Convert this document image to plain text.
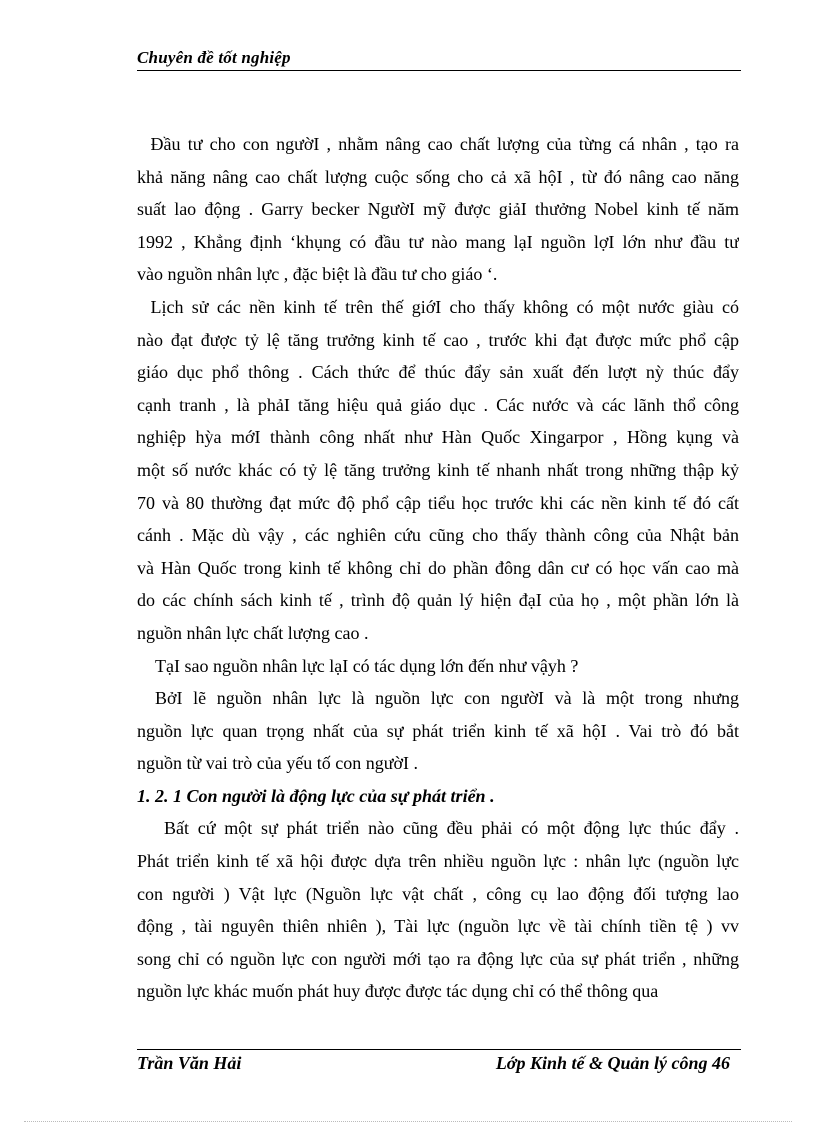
Chuyên đề tốt nghiệp
Đầu tư cho con ngườI , nhằm nâng cao chất lượng của từng cá nhân , tạo ra
khả năng nâng cao chất lượng cuộc sống cho cả xã hộI , từ đó nâng cao năng
suất lao động . Garry becker NgườI mỹ được giảI thưởng Nobel kinh tế năm
1992 , Khẳng định ‘khụng có đầu tư nào mang lạI nguồn lợI lớn như đầu tư
vào nguồn nhân lực , đặc biệt là đầu tư cho giáo ‘.
Lịch sử các nền kinh tế trên thế giớI cho thấy không có một nước giàu có
nào đạt được tỷ lệ tăng trưởng kinh tế cao , trước khi đạt được mức phổ cập
giáo dục phổ thông . Cách thức để thúc đẩy sản xuất đến lượt nỳ thúc đẩy
cạnh tranh , là phảI tăng hiệu quả giáo dục . Các nước và các lãnh thổ công
nghiệp hỳa mớI thành công nhất như Hàn Quốc Xingarpor , Hồng kụng và
một số nước khác có tỷ lệ tăng trưởng kinh tế nhanh nhất trong những thập kỷ
70 và 80 thường đạt mức độ phổ cập tiểu học trước khi các nền kinh tế đó cất
cánh . Mặc dù vậy , các nghiên cứu cũng cho thấy thành công của Nhật bản
và Hàn Quốc trong kinh tế không chỉ do phần đông dân cư có học vấn cao mà
do các chính sách kinh tế , trình độ quản lý hiện đạI của họ , một phần lớn là
nguồn nhân lực chất lượng cao .
TạI sao nguồn nhân lực lạI có tác dụng lớn đến như vậyh ?
BởI lẽ nguồn nhân lực là nguồn lực con ngườI và là một trong nhưng
nguồn lực quan trọng nhất của sự phát triển kinh tế xã hộI . Vai trò đó bắt
nguồn từ vai trò của yếu tố con ngườI .
1. 2. 1 Con người là động lực của sự phát triển .
Bất cứ một sự phát triển nào cũng đều phải có một động lực thúc đẩy .
Phát triển kinh tế xã hội được dựa trên nhiều nguồn lực : nhân lực (nguồn lực
con người ) Vật lực (Nguồn lực vật chất , công cụ lao động đối tượng lao
động , tài nguyên thiên nhiên ), Tài lực (nguồn lực về tài chính tiền tệ ) vv
song chỉ có nguồn lực con người mới tạo ra động lực của sự phát triển , những
nguồn lực khác muốn phát huy được được tác dụng chỉ có thể thông qua
Trần Văn Hải	Lớp Kinh tế & Quản lý công 46
